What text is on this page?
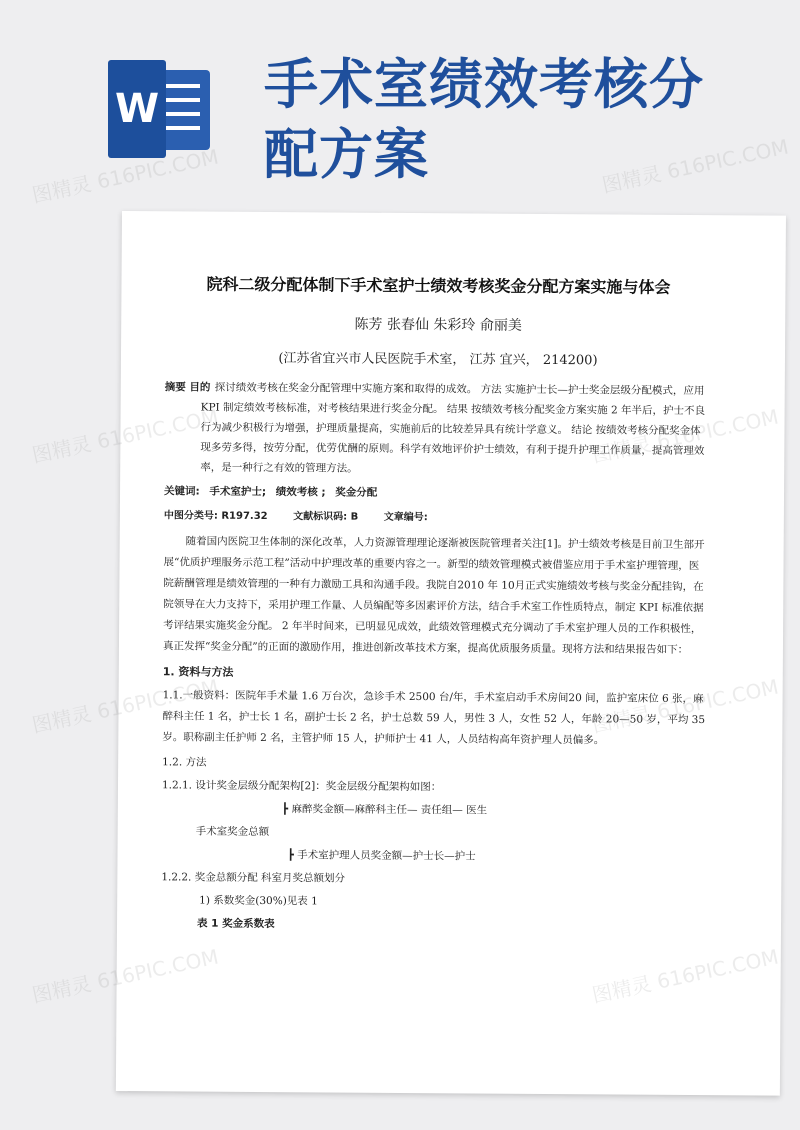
W 手术室绩效考核分配方案
院科二级分配体制下手术室护士绩效考核奖金分配方案实施与体会
陈芳 张春仙 朱彩玲 俞丽美
(江苏省宜兴市人民医院手术室， 江苏 宜兴， 214200)
摘要 目的 探讨绩效考核在奖金分配管理中实施方案和取得的成效。 方法 实施护士长—护士奖金层级分配模式，应用 KPI 制定绩效考核标准，对考核结果进行奖金分配。 结果 按绩效考核分配奖金方案实施 2 年半后，护士不良行为减少积极行为增强，护理质量提高，实施前后的比较差异具有统计学意义。 结论 按绩效考核分配奖金体现多劳多得，按劳分配，优劳优酬的原则。科学有效地评价护士绩效，有利于提升护理工作质量，提高管理效率，是一种行之有效的管理方法。
关键词: 手术室护士; 绩效考核 ; 奖金分配
中图分类号: R197.32	文献标识码: B	文章编号:

随着国内医院卫生体制的深化改革，人力资源管理理论逐渐被医院管理者关注[1]。护士绩效考核是目前卫生部开展“优质护理服务示范工程”活动中护理改革的重要内容之一。新型的绩效管理模式被借鉴应用于手术室护理管理，医院薪酬管理是绩效管理的一种有力激励工具和沟通手段。我院自2010 年 10月正式实施绩效考核与奖金分配挂钩，在院领导在大力支持下，采用护理工作量、人员编配等多因素评价方法，结合手术室工作性质特点，制定 KPI 标准依据考评结果实施奖金分配。 2 年半时间来，已明显见成效，此绩效管理模式充分调动了手术室护理人员的工作积极性，真正发挥“奖金分配”的正面的激励作用，推进创新改革技术方案，提高优质服务质量。现将方法和结果报告如下：

1. 资料与方法

1.1.一般资料：医院年手术量 1.6 万台次，急诊手术 2500 台/年，手术室启动手术房间20 间，监护室床位 6 张，麻醉科主任 1 名，护士长 1 名，副护士长 2 名，护士总数 59 人，男性 3 人，女性 52 人，年龄 20—50 岁，平均 35 岁。职称副主任护师 2 名，主管护师 15 人，护师护士 41 人，人员结构高年资护理人员偏多。

1.2. 方法
1.2.1. 设计奖金层级分配架构[2]：奖金层级分配架构如图：
┣ 麻醉奖金额—麻醉科主任— 责任组— 医生
手术室奖金总额
┣ 手术室护理人员奖金额—护士长—护士
1.2.2. 奖金总额分配 科室月奖总额划分
1) 系数奖金(30%)见表 1
表 1 奖金系数表
图精灵 616PIC.COM	图精灵 616PIC.COM
图精灵
图精灵
图精灵
